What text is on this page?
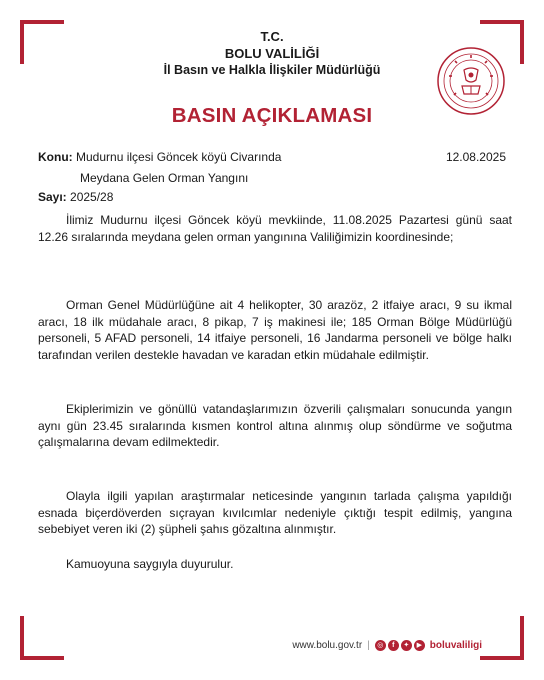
T.C.
BOLU VALİLİĞİ
İl Basın ve Halkla İlişkiler Müdürlüğü
BASIN AÇIKLAMASI
Konu: Mudurnu ilçesi Göncek köyü Civarında
Meydana Gelen Orman Yangını
Sayı: 2025/28
12.08.2025
İlimiz Mudurnu ilçesi Göncek köyü mevkiinde, 11.08.2025 Pazartesi günü saat 12.26 sıralarında meydana gelen orman yangınına Valiliğimizin koordinesinde;
Orman Genel Müdürlüğüne ait 4 helikopter, 30 arazöz, 2 itfaiye aracı, 9 su ikmal aracı, 18 ilk müdahale aracı, 8 pikap, 7 iş makinesi ile; 185 Orman Bölge Müdürlüğü personeli, 5 AFAD personeli, 14 itfaiye personeli, 16 Jandarma personeli ve bölge halkı tarafından verilen destekle havadan ve karadan etkin müdahale edilmiştir.
Ekiplerimizin ve gönüllü vatandaşlarımızın özverili çalışmaları sonucunda yangın aynı gün 23.45 sıralarında kısmen kontrol altına alınmış olup söndürme ve soğutma çalışmalarına devam edilmektedir.
Olayla ilgili yapılan araştırmalar neticesinde yangının tarlada çalışma yapıldığı esnada biçerdöverden sıçrayan kıvılcımlar nedeniyle çıktığı tespit edilmiş, yangına sebebiyet veren iki (2) şüpheli şahıs gözaltına alınmıştır.
Kamuoyuna saygıyla duyurulur.
www.bolu.gov.tr |	◎	f	✦	▶ boluvaliligi
